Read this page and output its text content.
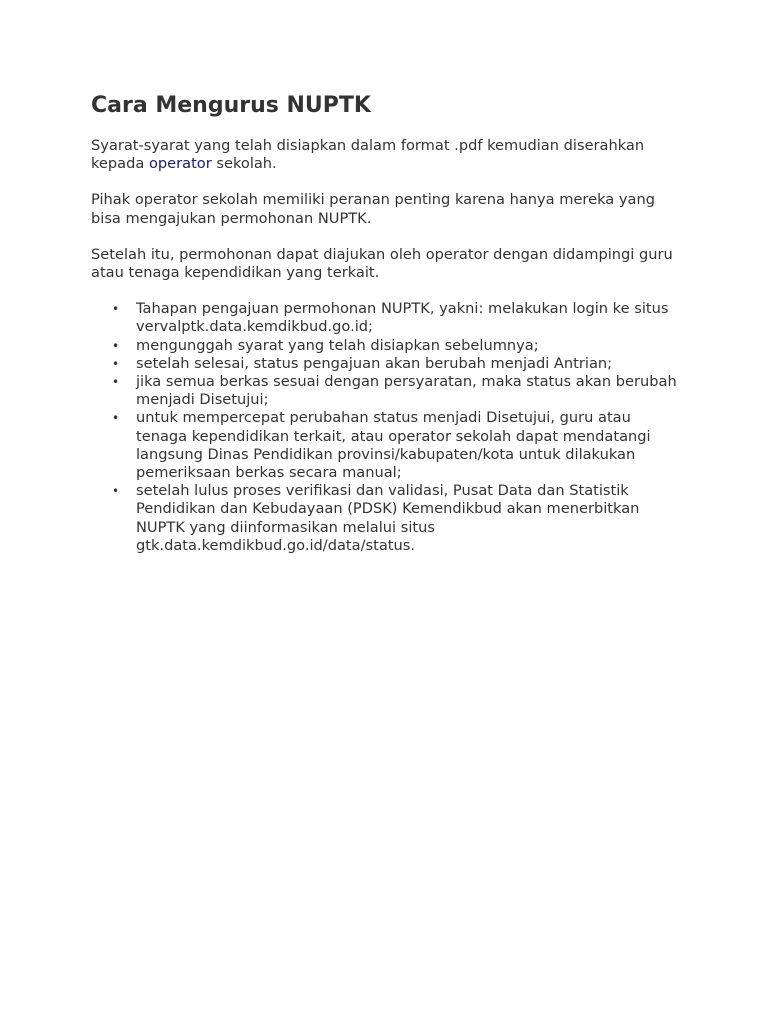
Cara Mengurus NUPTK

Syarat-syarat yang telah disiapkan dalam format .pdf kemudian diserahkan kepada operator sekolah.

Pihak operator sekolah memiliki peranan penting karena hanya mereka yang bisa mengajukan permohonan NUPTK.

Setelah itu, permohonan dapat diajukan oleh operator dengan didampingi guru atau tenaga kependidikan yang terkait.

• Tahapan pengajuan permohonan NUPTK, yakni: melakukan login ke situs vervalptk.data.kemdikbud.go.id;
• mengunggah syarat yang telah disiapkan sebelumnya;
• setelah selesai, status pengajuan akan berubah menjadi Antrian;
• jika semua berkas sesuai dengan persyaratan, maka status akan berubah menjadi Disetujui;
• untuk mempercepat perubahan status menjadi Disetujui, guru atau tenaga kependidikan terkait, atau operator sekolah dapat mendatangi langsung Dinas Pendidikan provinsi/kabupaten/kota untuk dilakukan pemeriksaan berkas secara manual;
• setelah lulus proses verifikasi dan validasi, Pusat Data dan Statistik Pendidikan dan Kebudayaan (PDSK) Kemendikbud akan menerbitkan NUPTK yang diinformasikan melalui situs gtk.data.kemdikbud.go.id/data/status.
